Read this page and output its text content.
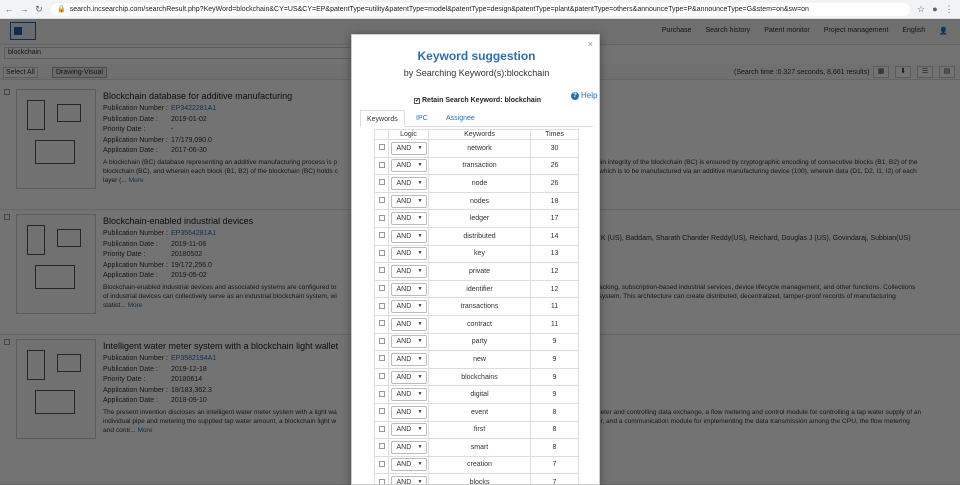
← → ↻	🔒 search.incsearchip.com/searchResult.php?KeyWord=blockchain&CY=US&CY=EP&patentType=utility&patentType=model&patentType=design&patentType=plant&patentType=others&announceType=P&announceType=G&stem=on&sw=on	☆ ● ⋮

×
Keyword suggestion
by Searching Keyword(s):blockchain
? Help
✓ Retain Search Keyword: blockchain
Keywords	IPC	Assignee
	Logic	Keywords	Times
	AND ▼	network	30
	AND ▼	transaction	26
	AND ▼	node	26
	AND ▼	nodes	18
	AND ▼	ledger	17
	AND ▼	distributed	14
	AND ▼	key	13
	AND ▼	private	12
	AND ▼	identifier	12
	AND ▼	transactions	11
	AND ▼	contract	11
	AND ▼	party	9
	AND ▼	new	9
	AND ▼	blockchains	9
	AND ▼	digital	9
	AND ▼	event	8
	AND ▼	first	8
	AND ▼	smart	8
	AND ▼	creation	7
	AND ▼	blocks	7
